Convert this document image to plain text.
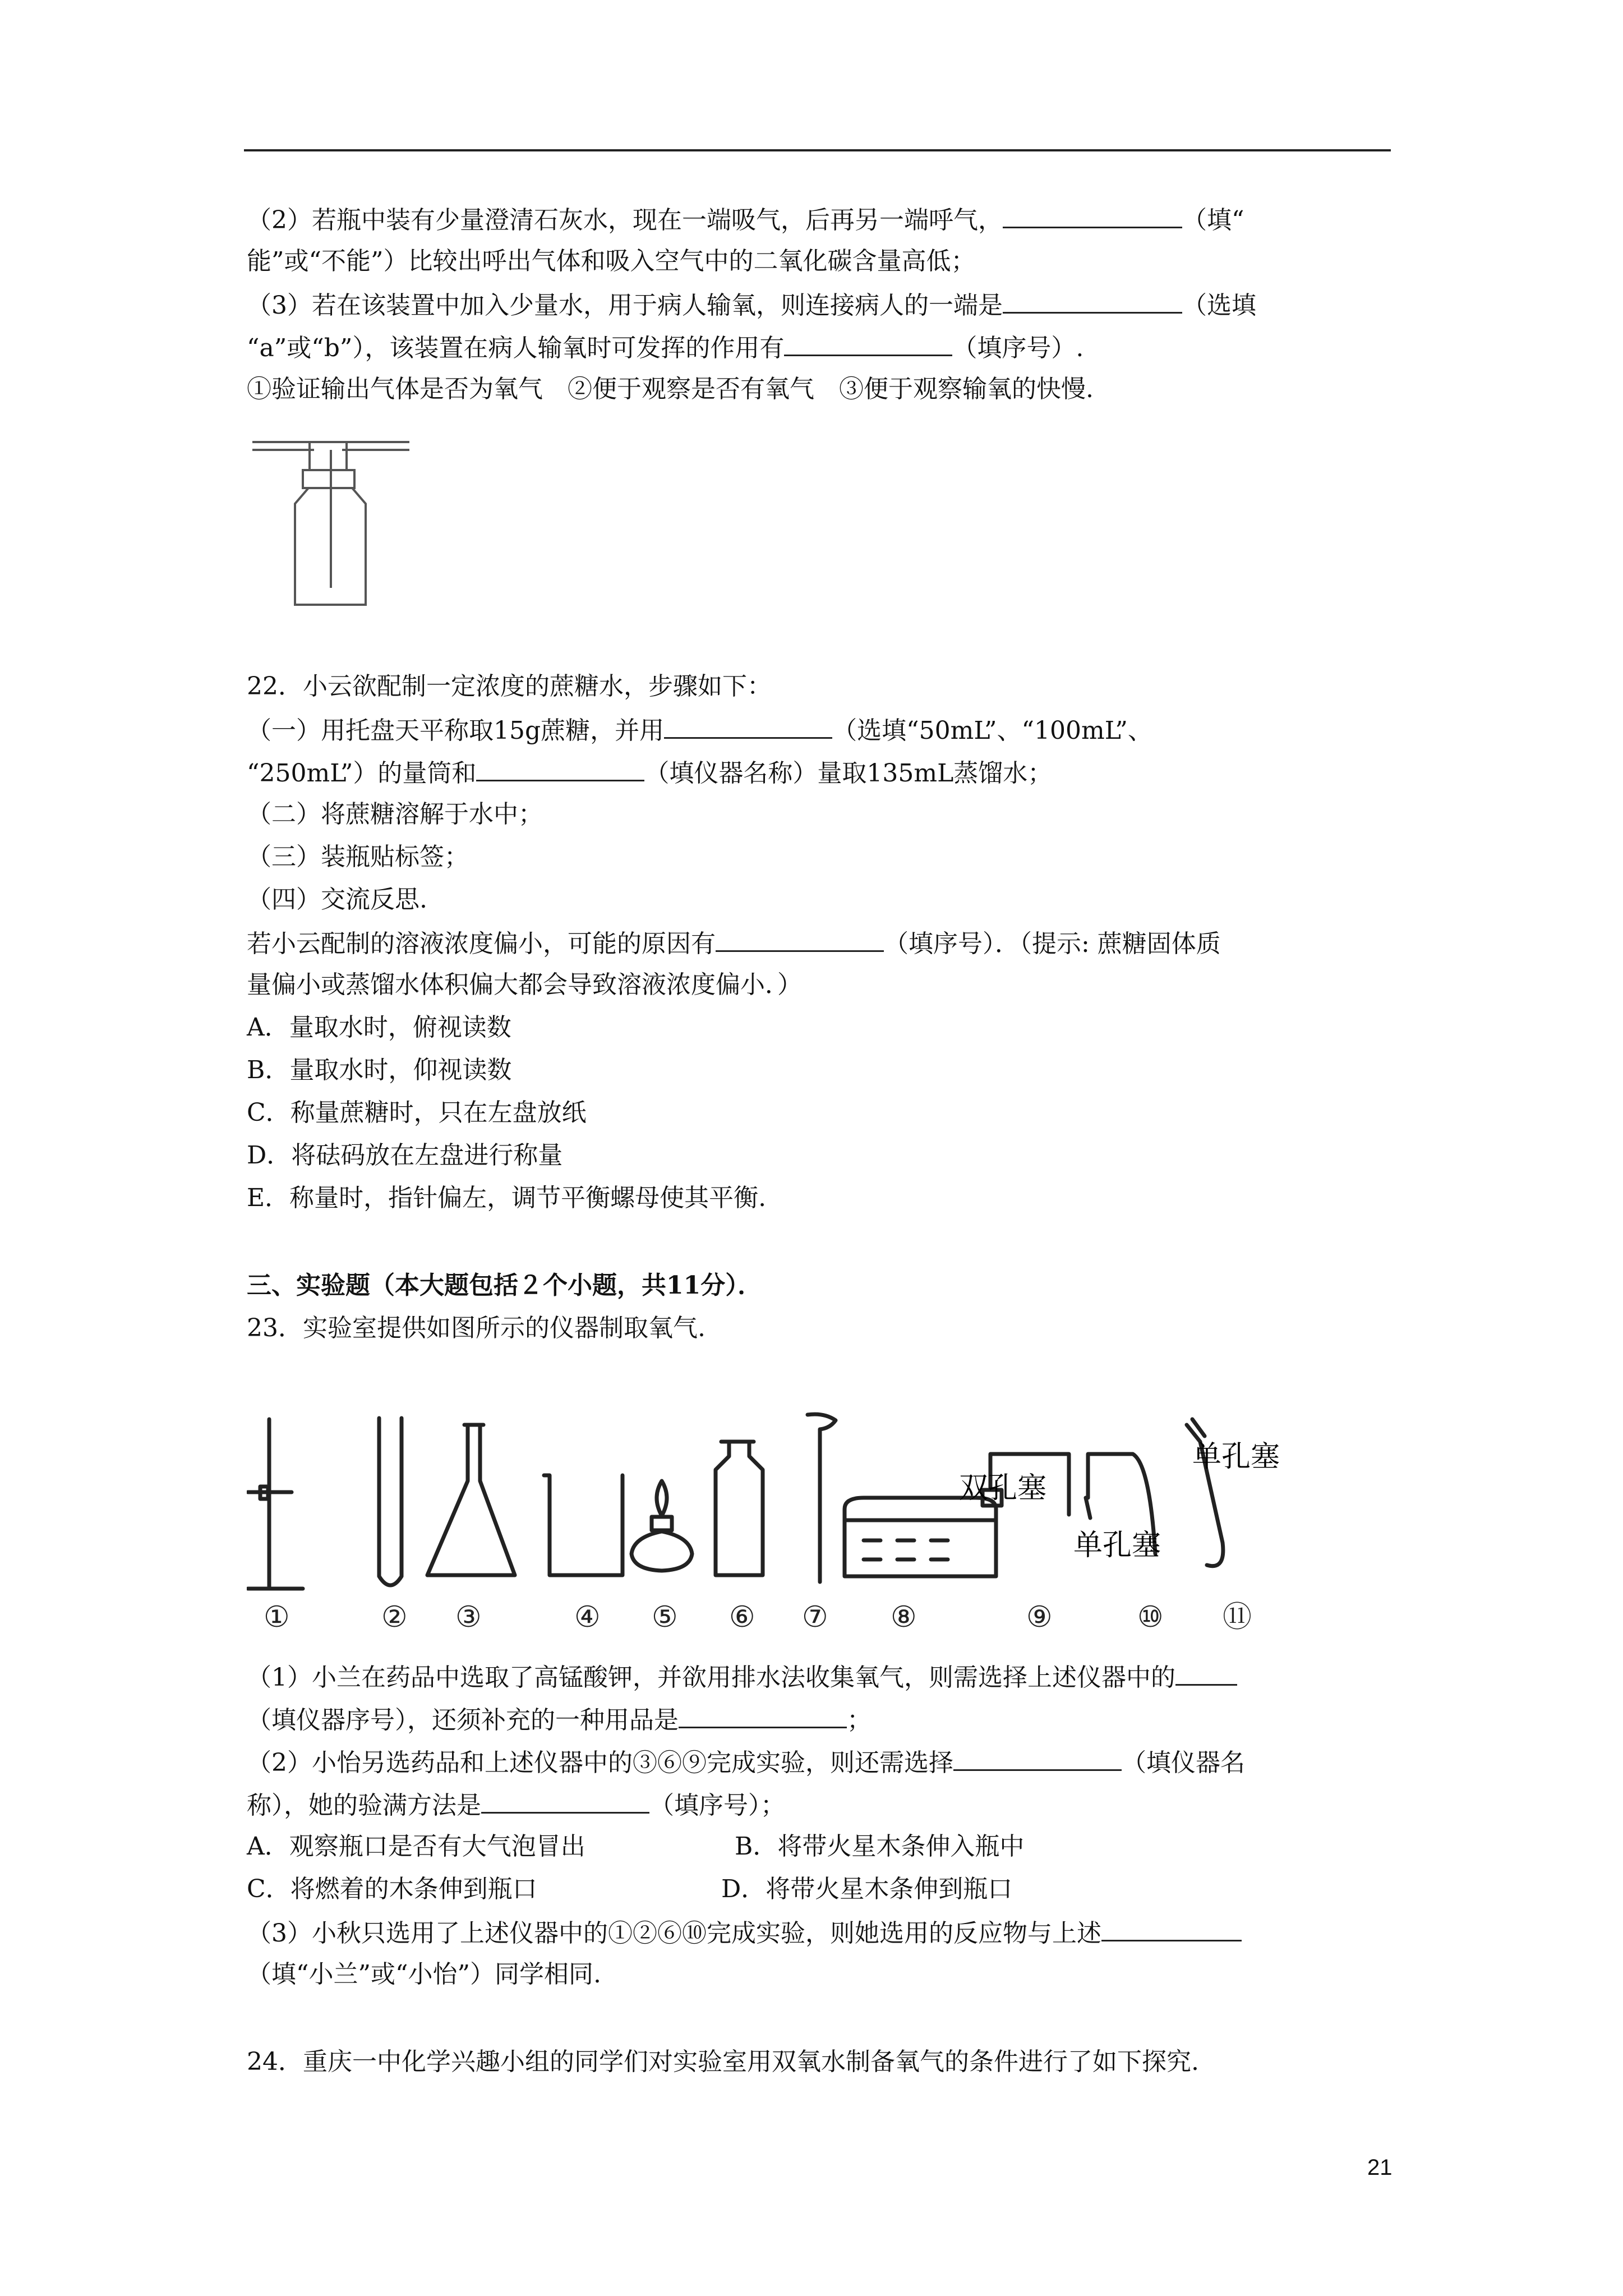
（2）若瓶中装有少量澄清石灰水，现在一端吸气，后再另一端呼气，	（填“
能”或“不能”）比较出呼出气体和吸入空气中的二氧化碳含量高低；
（3）若在该装置中加入少量水，用于病人输氧，则连接病人的一端是	（选填
“a”或“b”），该装置在病人输氧时可发挥的作用有	（填序号）.
①验证输出气体是否为氧气　②便于观察是否有氧气　③便于观察输氧的快慢.
22．小云欲配制一定浓度的蔗糖水，步骤如下：
（一）用托盘天平称取15g蔗糖，并用	（选填“50mL”、“100mL”、
“250mL”）的量筒和	（填仪器名称）量取135mL蒸馏水；
（二）将蔗糖溶解于水中；
（三）装瓶贴标签；
（四）交流反思.
若小云配制的溶液浓度偏小，可能的原因有	（填序号）．（提示: 蔗糖固体质
量偏小或蒸馏水体积偏大都会导致溶液浓度偏小．）
A．量取水时，俯视读数
B．量取水时，仰视读数
C．称量蔗糖时，只在左盘放纸
D．将砝码放在左盘进行称量
E．称量时，指针偏左，调节平衡螺母使其平衡.
三、实验题（本大题包括２个小题，共11分）．
23．实验室提供如图所示的仪器制取氧气.
双孔塞
单孔塞
单孔塞
①	② ③	④ ⑤ ⑥ ⑦ ⑧	⑨	⑩ ⑪
（1）小兰在药品中选取了高锰酸钾，并欲用排水法收集氧气，则需选择上述仪器中的
（填仪器序号），还须补充的一种用品是	；
（2）小怡另选药品和上述仪器中的③⑥⑨完成实验，则还需选择	（填仪器名
称），她的验满方法是	（填序号）；
A．观察瓶口是否有大气泡冒出	B．将带火星木条伸入瓶中
C．将燃着的木条伸到瓶口	D．将带火星木条伸到瓶口
（3）小秋只选用了上述仪器中的①②⑥⑩完成实验，则她选用的反应物与上述
（填“小兰”或“小怡”）同学相同.
24．重庆一中化学兴趣小组的同学们对实验室用双氧水制备氧气的条件进行了如下探究.
21
